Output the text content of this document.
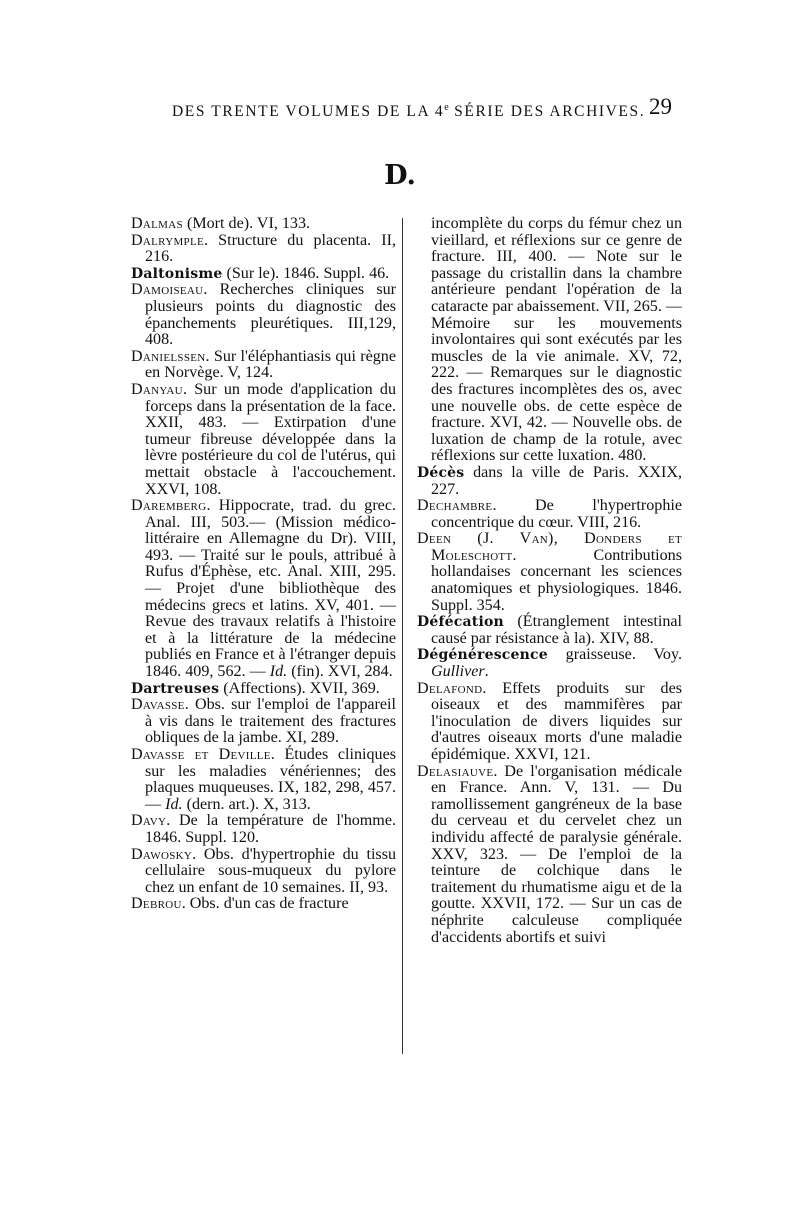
DES TRENTE VOLUMES DE LA 4e SÉRIE DES ARCHIVES. 29
D.

Dalmas (Mort de). VI, 133.

Dalrymple. Structure du placenta. II, 216.

Daltonisme (Sur le). 1846. Suppl. 46.

Damoiseau. Recherches cliniques sur plusieurs points du diagnostic des épanchements pleurétiques. III,129, 408.

Danielssen. Sur l'éléphantiasis qui règne en Norvège. V, 124.

Danyau. Sur un mode d'application du forceps dans la présentation de la face. XXII, 483. — Extirpation d'une tumeur fibreuse développée dans la lèvre postérieure du col de l'utérus, qui mettait obstacle à l'accouchement. XXVI, 108.

Daremberg. Hippocrate, trad. du grec. Anal. III, 503.— (Mission médico-littéraire en Allemagne du Dr). VIII, 493. — Traité sur le pouls, attribué à Rufus d'Éphèse, etc. Anal. XIII, 295. — Projet d'une bibliothèque des médecins grecs et latins. XV, 401. — Revue des travaux relatifs à l'histoire et à la littérature de la médecine publiés en France et à l'étranger depuis 1846. 409, 562. — Id. (fin). XVI, 284.

Dartreuses (Affections). XVII, 369.

Davasse. Obs. sur l'emploi de l'appareil à vis dans le traitement des fractures obliques de la jambe. XI, 289.

Davasse et Deville. Études cliniques sur les maladies vénériennes; des plaques muqueuses. IX, 182, 298, 457. — Id. (dern. art.). X, 313.

Davy. De la température de l'homme. 1846. Suppl. 120.

Dawosky. Obs. d'hypertrophie du tissu cellulaire sous-muqueux du pylore chez un enfant de 10 semaines. II, 93.

Debrou. Obs. d'un cas de fracture

incomplète du corps du fémur chez un vieillard, et réflexions sur ce genre de fracture. III, 400. — Note sur le passage du cristallin dans la chambre antérieure pendant l'opération de la cataracte par abaissement. VII, 265. — Mémoire sur les mouvements involontaires qui sont exécutés par les muscles de la vie animale. XV, 72, 222. — Remarques sur le diagnostic des fractures incomplètes des os, avec une nouvelle obs. de cette espèce de fracture. XVI, 42. — Nouvelle obs. de luxation de champ de la rotule, avec réflexions sur cette luxation. 480.

Décès dans la ville de Paris. XXIX, 227.

Dechambre. De l'hypertrophie concentrique du cœur. VIII, 216.

Deen (J. Van), Donders et Moleschott. Contributions hollandaises concernant les sciences anatomiques et physiologiques. 1846. Suppl. 354.

Défécation (Étranglement intestinal causé par résistance à la). XIV, 88.

Dégénérescence graisseuse. Voy. Gulliver.

Delafond. Effets produits sur des oiseaux et des mammifères par l'inoculation de divers liquides sur d'autres oiseaux morts d'une maladie épidémique. XXVI, 121.

Delasiauve. De l'organisation médicale en France. Ann. V, 131. — Du ramollissement gangréneux de la base du cerveau et du cervelet chez un individu affecté de paralysie générale. XXV, 323. — De l'emploi de la teinture de colchique dans le traitement du rhumatisme aigu et de la goutte. XXVII, 172. — Sur un cas de néphrite calculeuse compliquée d'accidents abortifs et suivi
